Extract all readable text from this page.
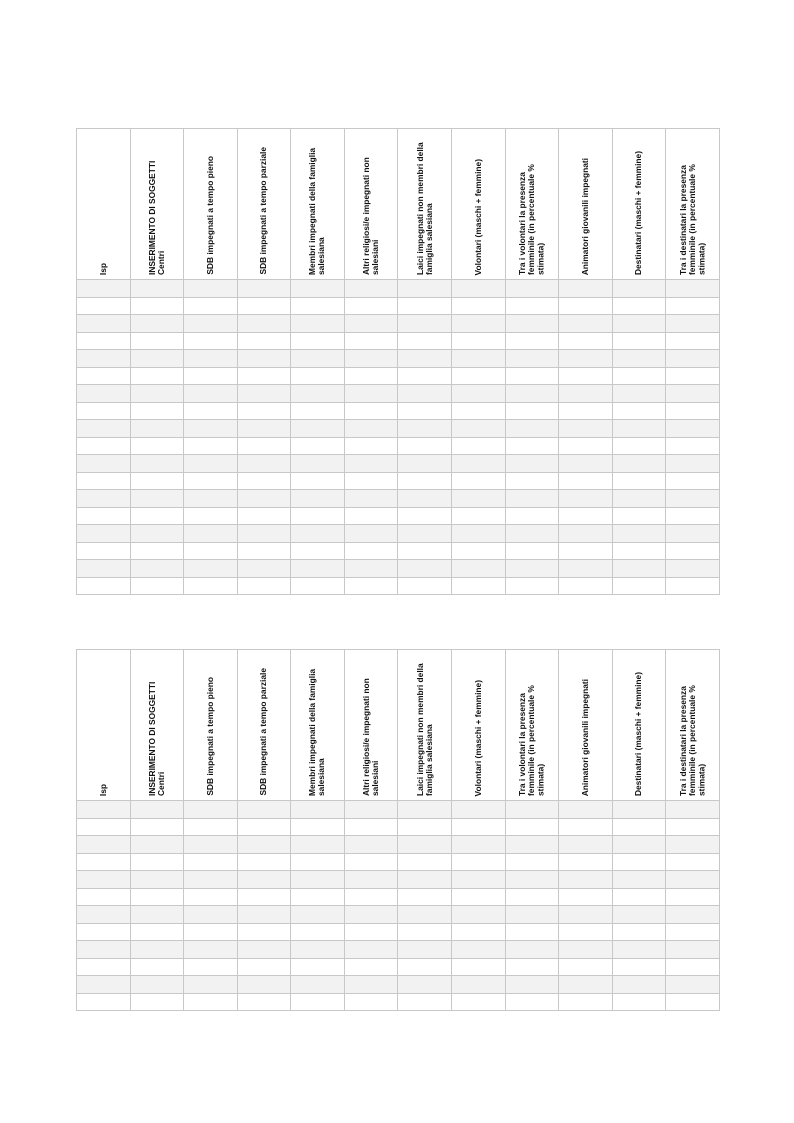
Isp	INSERIMENTO DI SOGGETTI Centri	SDB impegnati a tempo pieno	SDB impegnati a tempo parziale	Membri impegnati della famiglia salesiana	Altri religiosi/e impegnati non salesiani	Laici impegnati non membri della famiglia salesiana	Volontari (maschi + femmine)	Tra i volontari la presenza femminile (in percentuale % stimata)	Animatori giovanili impegnati	Destinatari (maschi + femmine)	Tra i destinatari la presenza femminile (in percentuale % stimata)

Isp	INSERIMENTO DI SOGGETTI Centri	SDB impegnati a tempo pieno	SDB impegnati a tempo parziale	Membri impegnati della famiglia salesiana	Altri religiosi/e impegnati non salesiani	Laici impegnati non membri della famiglia salesiana	Volontari (maschi + femmine)	Tra i volontari la presenza femminile (in percentuale % stimata)	Animatori giovanili impegnati	Destinatari (maschi + femmine)	Tra i destinatari la presenza femminile (in percentuale % stimata)
